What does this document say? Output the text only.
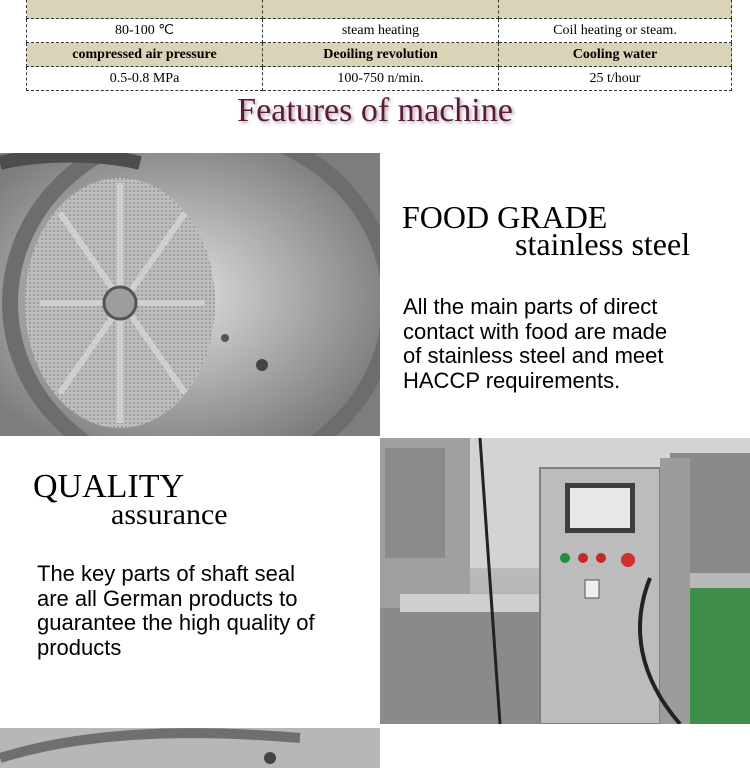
80-100 ℃	steam heating	Coil heating or steam.
compressed air pressure	Deoiling revolution	Cooling water
0.5-0.8 MPa	100-750 n/min.	25 t/hour
Features of machine
FOOD GRADE
stainless steel
All the main parts of direct
contact with food are made
of stainless steel and meet
HACCP requirements.
QUALITY
assurance
The key parts of shaft seal
are all German products to
guarantee the high quality of
products
